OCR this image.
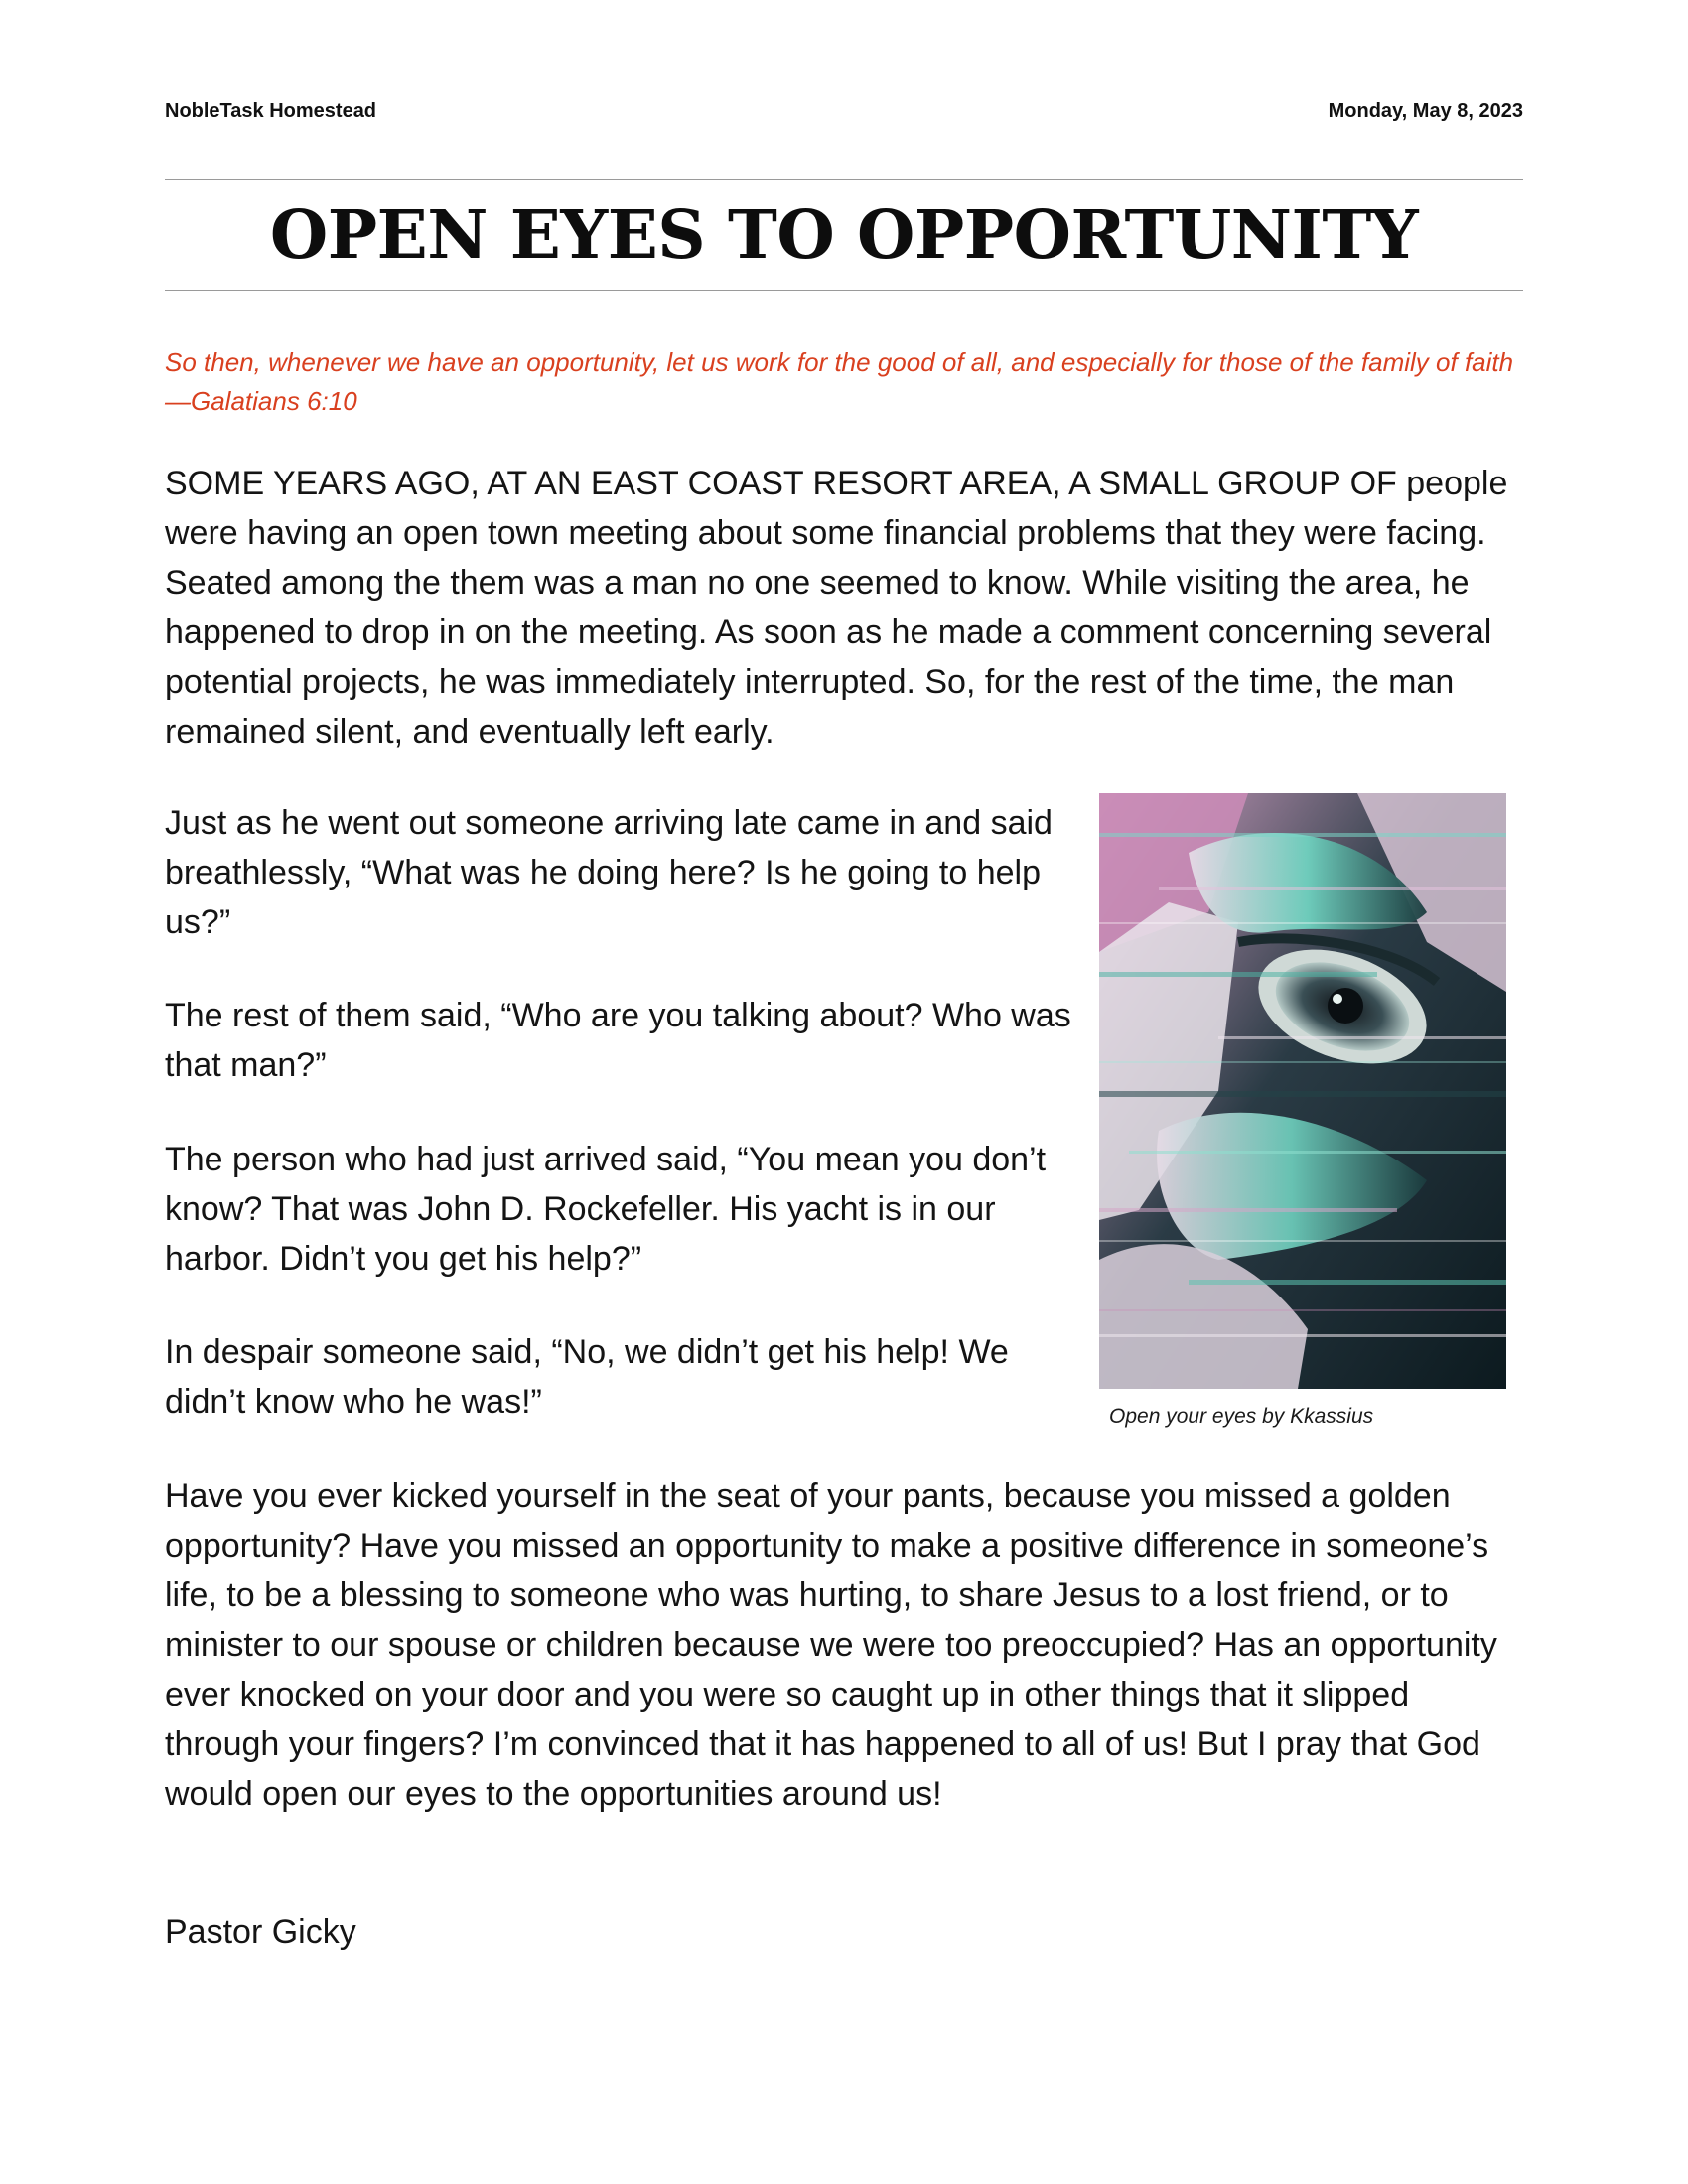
NobleTask Homestead	Monday, May 8, 2023
OPEN EYES TO OPPORTUNITY
So then, whenever we have an opportunity, let us work for the good of all, and especially for those of the family of faith—Galatians 6:10

SOME YEARS AGO, AT AN EAST COAST RESORT AREA, A SMALL GROUP OF people were having an open town meeting about some financial problems that they were facing. Seated among the them was a man no one seemed to know. While visiting the area, he happened to drop in on the meeting. As soon as he made a comment concerning several potential projects, he was immediately interrupted. So, for the rest of the time, the man remained silent, and eventually left early.

Just as he went out someone arriving late came in and said breathlessly, “What was he doing here? Is he going to help us?”

The rest of them said, “Who are you talking about? Who was that man?”

The person who had just arrived said, “You mean you don’t know? That was John D. Rockefeller. His yacht is in our harbor. Didn’t you get his help?”

In despair someone said, “No, we didn’t get his help! We didn’t know who he was!”

Have you ever kicked yourself in the seat of your pants, because you missed a golden opportunity? Have you missed an opportunity to make a positive difference in someone’s life, to be a blessing to someone who was hurting, to share Jesus to a lost friend, or to minister to our spouse or children because we were too preoccupied? Has an opportunity ever knocked on your door and you were so caught up in other things that it slipped through your fingers? I’m convinced that it has happened to all of us! But I pray that God would open our eyes to the opportunities around us!

Pastor Gicky

Open your eyes by Kkassius
